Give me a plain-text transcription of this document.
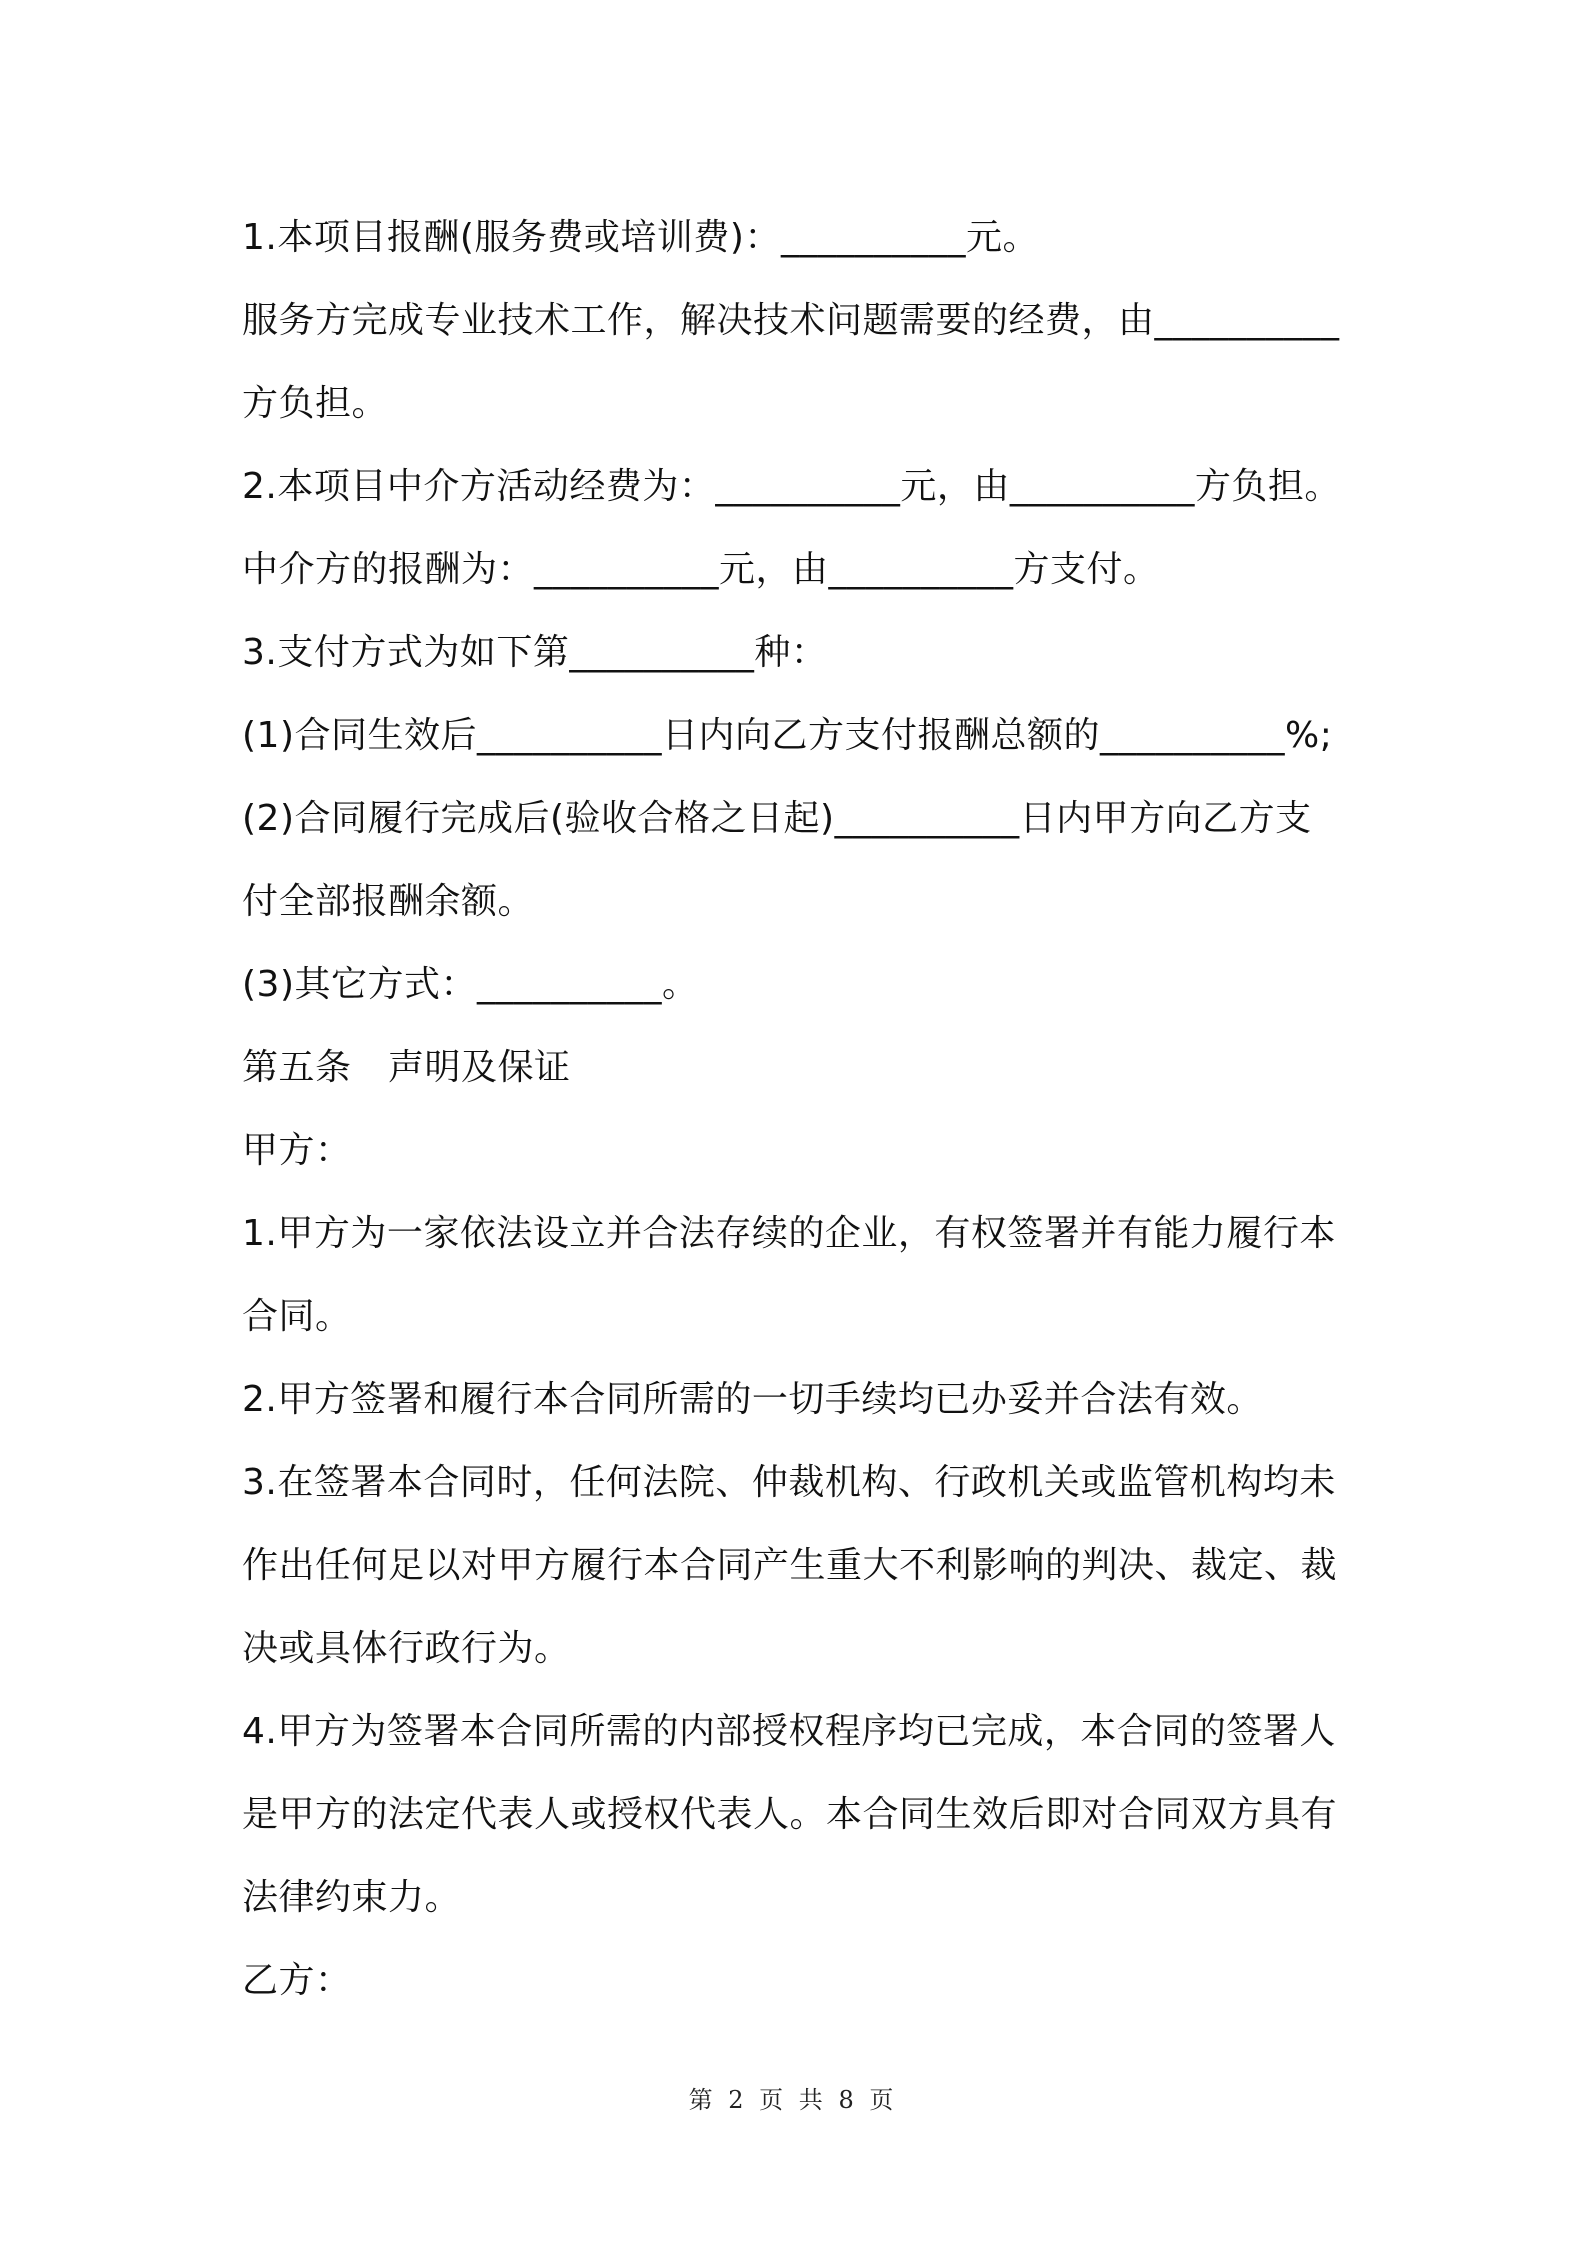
1.本项目报酬(服务费或培训费)：__________元。
服务方完成专业技术工作，解决技术问题需要的经费，由__________
方负担。
2.本项目中介方活动经费为：__________元，由__________方负担。
中介方的报酬为：__________元，由__________方支付。
3.支付方式为如下第__________种：
(1)合同生效后__________日内向乙方支付报酬总额的__________%;
(2)合同履行完成后(验收合格之日起)__________日内甲方向乙方支
付全部报酬余额。
(3)其它方式：__________。
第五条　声明及保证
甲方：
1.甲方为一家依法设立并合法存续的企业，有权签署并有能力履行本
合同。
2.甲方签署和履行本合同所需的一切手续均已办妥并合法有效。
3.在签署本合同时，任何法院、仲裁机构、行政机关或监管机构均未
作出任何足以对甲方履行本合同产生重大不利影响的判决、裁定、裁
决或具体行政行为。
4.甲方为签署本合同所需的内部授权程序均已完成，本合同的签署人
是甲方的法定代表人或授权代表人。本合同生效后即对合同双方具有
法律约束力。
乙方：
第 2 页 共 8 页
